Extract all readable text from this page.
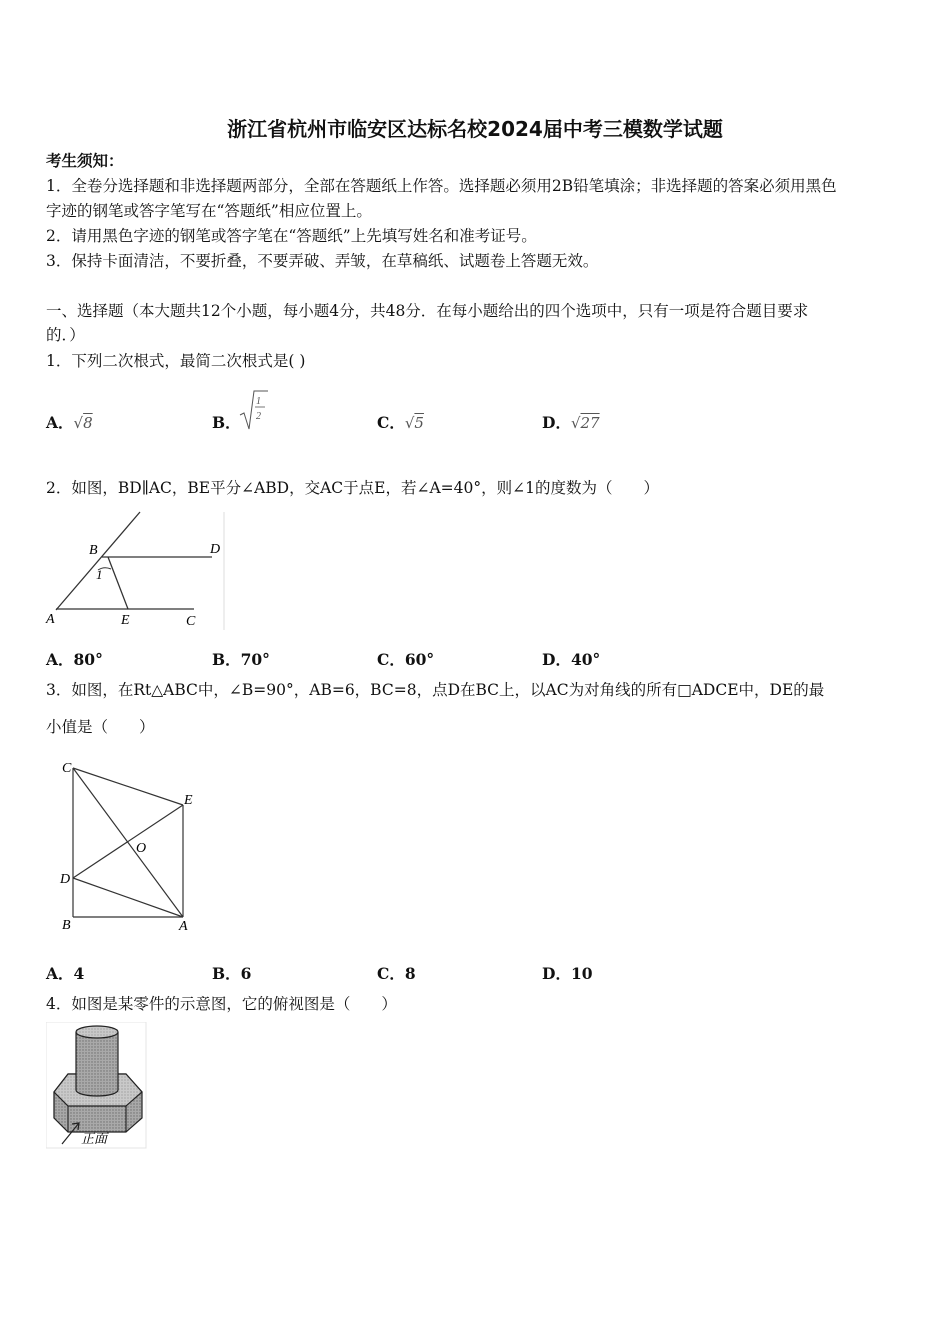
浙江省杭州市临安区达标名校2024届中考三模数学试题
考生须知：
1．全卷分选择题和非选择题两部分，全部在答题纸上作答。选择题必须用2B铅笔填涂；非选择题的答案必须用黑色
字迹的钢笔或答字笔写在“答题纸”相应位置上。
2．请用黑色字迹的钢笔或答字笔在“答题纸”上先填写姓名和准考证号。
3．保持卡面清洁，不要折叠，不要弄破、弄皱，在草稿纸、试题卷上答题无效。
一、选择题（本大题共12个小题，每小题4分，共48分．在每小题给出的四个选项中，只有一项是符合题目要求
的．）
1．下列二次根式，最简二次根式是( )
A．√8	B．
1
2	C．√5	D．√27
2．如图，BD∥AC，BE平分∠ABD，交AC于点E，若∠A=40°，则∠1的度数为（　　）
B	D
1
A	E	C
A．80°	B．70°	C．60°	D．40°
3．如图，在Rt△ABC中，∠B=90°，AB=6，BC=8，点D在BC上，以AC为对角线的所有□ADCE中，DE的最
小值是（　　）
C
E
O
D
B	A
A．4	B．6	C．8	D．10
4．如图是某零件的示意图，它的俯视图是（　　）
正面
